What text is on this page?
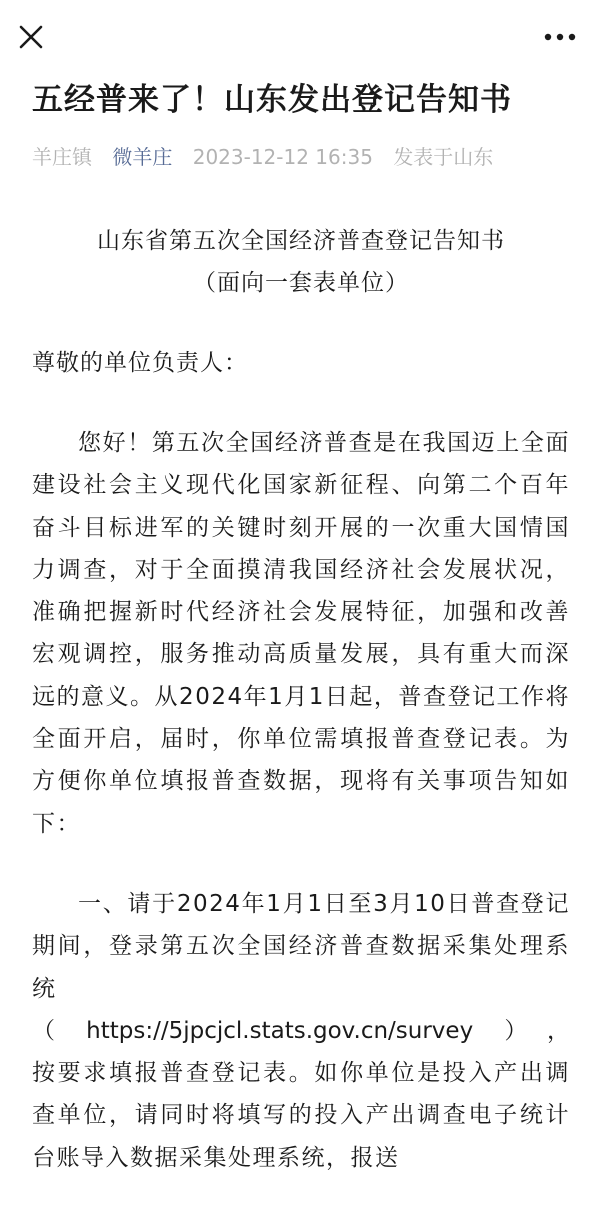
五经普来了！山东发出登记告知书
羊庄镇 微羊庄 2023-12-12 16:35 发表于山东
山东省第五次全国经济普查登记告知书
（面向一套表单位）
尊敬的单位负责人：

您好！第五次全国经济普查是在我国迈上全面建设社会主义现代化国家新征程、向第二个百年奋斗目标进军的关键时刻开展的一次重大国情国力调查，对于全面摸清我国经济社会发展状况，准确把握新时代经济社会发展特征，加强和改善宏观调控，服务推动高质量发展，具有重大而深远的意义。从2024年1月1日起，普查登记工作将全面开启，届时，你单位需填报普查登记表。为方便你单位填报普查数据，现将有关事项告知如下：

一、请于2024年1月1日至3月10日普查登记期间，登录第五次全国经济普查数据采集处理系统
（https://5jpcjcl.stats.gov.cn/survey），
按要求填报普查登记表。如你单位是投入产出调查单位，请同时将填写的投入产出调查电子统计台账导入数据采集处理系统，报送
